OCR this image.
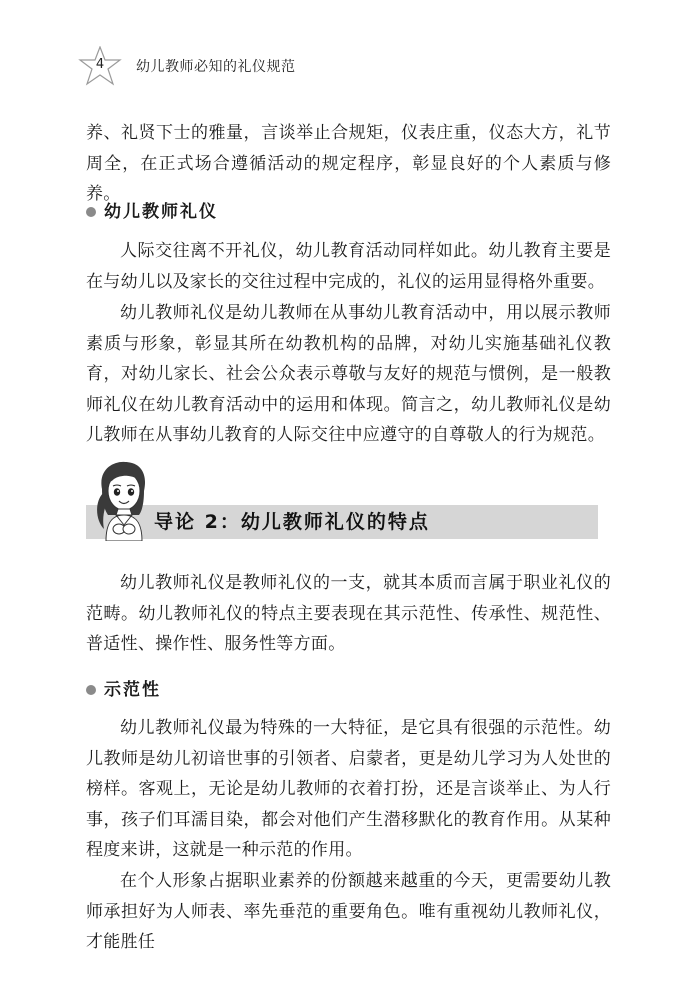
4 幼儿教师必知的礼仪规范
养、礼贤下士的雅量，言谈举止合规矩，仪表庄重，仪态大方，礼节周全，在正式场合遵循活动的规定程序，彰显良好的个人素质与修养。
幼儿教师礼仪
人际交往离不开礼仪，幼儿教育活动同样如此。幼儿教育主要是在与幼儿以及家长的交往过程中完成的，礼仪的运用显得格外重要。
幼儿教师礼仪是幼儿教师在从事幼儿教育活动中，用以展示教师素质与形象，彰显其所在幼教机构的品牌，对幼儿实施基础礼仪教育，对幼儿家长、社会公众表示尊敬与友好的规范与惯例，是一般教师礼仪在幼儿教育活动中的运用和体现。简言之，幼儿教师礼仪是幼儿教师在从事幼儿教育的人际交往中应遵守的自尊敬人的行为规范。
导论 2：幼儿教师礼仪的特点
幼儿教师礼仪是教师礼仪的一支，就其本质而言属于职业礼仪的范畴。幼儿教师礼仪的特点主要表现在其示范性、传承性、规范性、普适性、操作性、服务性等方面。
示范性
幼儿教师礼仪最为特殊的一大特征，是它具有很强的示范性。幼儿教师是幼儿初谙世事的引领者、启蒙者，更是幼儿学习为人处世的榜样。客观上，无论是幼儿教师的衣着打扮，还是言谈举止、为人行事，孩子们耳濡目染，都会对他们产生潜移默化的教育作用。从某种程度来讲，这就是一种示范的作用。
在个人形象占据职业素养的份额越来越重的今天，更需要幼儿教师承担好为人师表、率先垂范的重要角色。唯有重视幼儿教师礼仪，才能胜任
